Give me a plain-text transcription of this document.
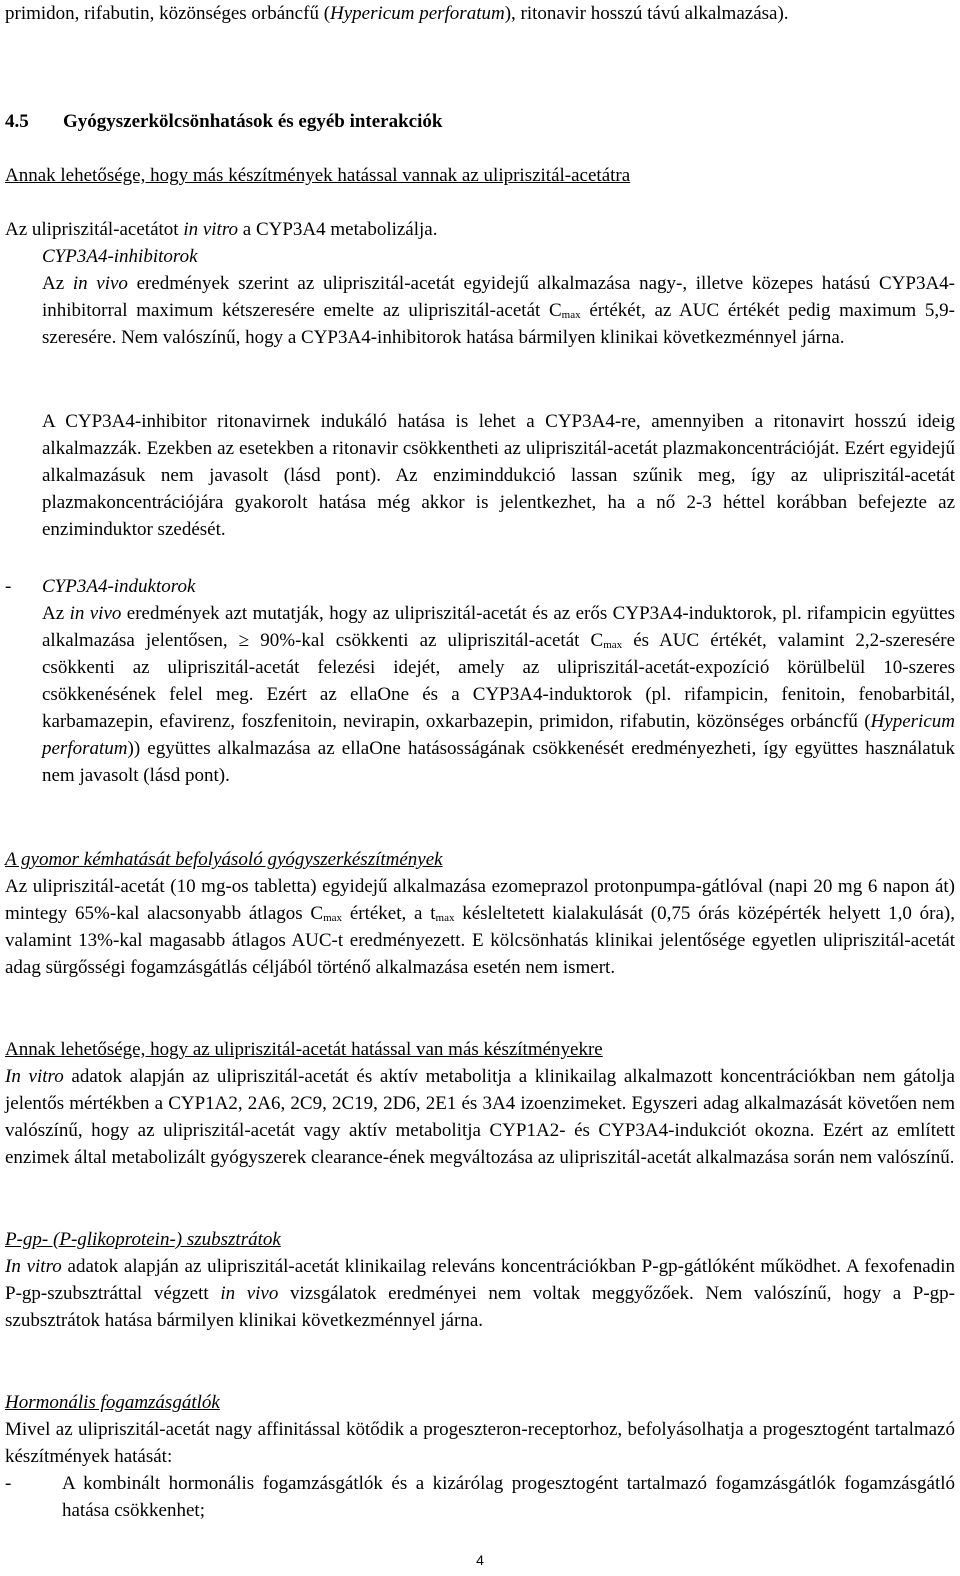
primidon, rifabutin, közönséges orbáncfű (Hypericum perforatum), ritonavir hosszú távú alkalmazása).

4.5 Gyógyszerkölcsönhatások és egyéb interakciók

Annak lehetősége, hogy más készítmények hatással vannak az ulipriszitál-acetátra

Az ulipriszitál-acetátot in vitro a CYP3A4 metabolizálja.

CYP3A4-inhibitorok

Az in vivo eredmények szerint az ulipriszitál-acetát egyidejű alkalmazása nagy-, illetve közepes hatású CYP3A4-inhibitorral maximum kétszeresére emelte az ulipriszitál-acetát $C_{max}$ értékét, az AUC értékét pedig maximum 5,9-szeresére. Nem valószínű, hogy a CYP3A4-inhibitorok hatása bármilyen klinikai következménnyel járna.

A CYP3A4-inhibitor ritonavirnek indukáló hatása is lehet a CYP3A4-re, amennyiben a ritonavirt hosszú ideig alkalmazzák. Ezekben az esetekben a ritonavir csökkentheti az ulipriszitál-acetát plazmakoncentrációját. Ezért egyidejű alkalmazásuk nem javasolt (lásd pont). Az enziminddukció lassan szűnik meg, így az ulipriszitál-acetát plazmakoncentrációjára gyakorolt hatása még akkor is jelentkezhet, ha a nő 2-3 héttel korábban befejezte az enziminduktor szedését.

- CYP3A4-induktorok

Az in vivo eredmények azt mutatják, hogy az ulipriszitál-acetát és az erős CYP3A4-induktorok, pl. rifampicin együttes alkalmazása jelentősen, ≥ 90%-kal csökkenti az ulipriszitál-acetát $C_{max}$ és AUC értékét, valamint 2,2-szeresére csökkenti az ulipriszitál-acetát felezési idejét, amely az ulipriszitál-acetát-expozíció körülbelül 10-szeres csökkenésének felel meg. Ezért az ellaOne és a CYP3A4-induktorok (pl. rifampicin, fenitoin, fenobarbitál, karbamazepin, efavirenz, foszfenitoin, nevirapin, oxkarbazepin, primidon, rifabutin, közönséges orbáncfű (Hypericum perforatum)) együttes alkalmazása az ellaOne hatásosságának csökkenését eredményezheti, így együttes használatuk nem javasolt (lásd pont).

A gyomor kémhatását befolyásoló gyógyszerkészítmények

Az ulipriszitál-acetát (10 mg-os tabletta) egyidejű alkalmazása ezomeprazol protonpumpa-gátlóval (napi 20 mg 6 napon át) mintegy 65%-kal alacsonyabb átlagos $C_{max}$ értéket, a $t_{max}$ késleltetett kialakulását (0,75 órás középérték helyett 1,0 óra), valamint 13%-kal magasabb átlagos AUC-t eredményezett. E kölcsönhatás klinikai jelentősége egyetlen ulipriszitál-acetát adag sürgősségi fogamzásgátlás céljából történő alkalmazása esetén nem ismert.

Annak lehetősége, hogy az ulipriszitál-acetát hatással van más készítményekre

In vitro adatok alapján az ulipriszitál-acetát és aktív metabolitja a klinikailag alkalmazott koncentrációkban nem gátolja jelentős mértékben a CYP1A2, 2A6, 2C9, 2C19, 2D6, 2E1 és 3A4 izoenzimeket. Egyszeri adag alkalmazását követően nem valószínű, hogy az ulipriszitál-acetát vagy aktív metabolitja CYP1A2- és CYP3A4-indukciót okozna. Ezért az említett enzimek által metabolizált gyógyszerek clearance-ének megváltozása az ulipriszitál-acetát alkalmazása során nem valószínű.

P-gp- (P-glikoprotein-) szubsztrátok

In vitro adatok alapján az ulipriszitál-acetát klinikailag releváns koncentrációkban P-gp-gátlóként működhet. A fexofenadin P-gp-szubsztráttal végzett in vivo vizsgálatok eredményei nem voltak meggyőzőek. Nem valószínű, hogy a P-gp-szubsztrátok hatása bármilyen klinikai következménnyel járna.

Hormonális fogamzásgátlók

Mivel az ulipriszitál-acetát nagy affinitással kötődik a progeszteron-receptorhoz, befolyásolhatja a progesztogént tartalmazó készítmények hatását:

-	A kombinált hormonális fogamzásgátlók és a kizárólag progesztogént tartalmazó fogamzásgátlók fogamzásgátló hatása csökkenhet;

4
